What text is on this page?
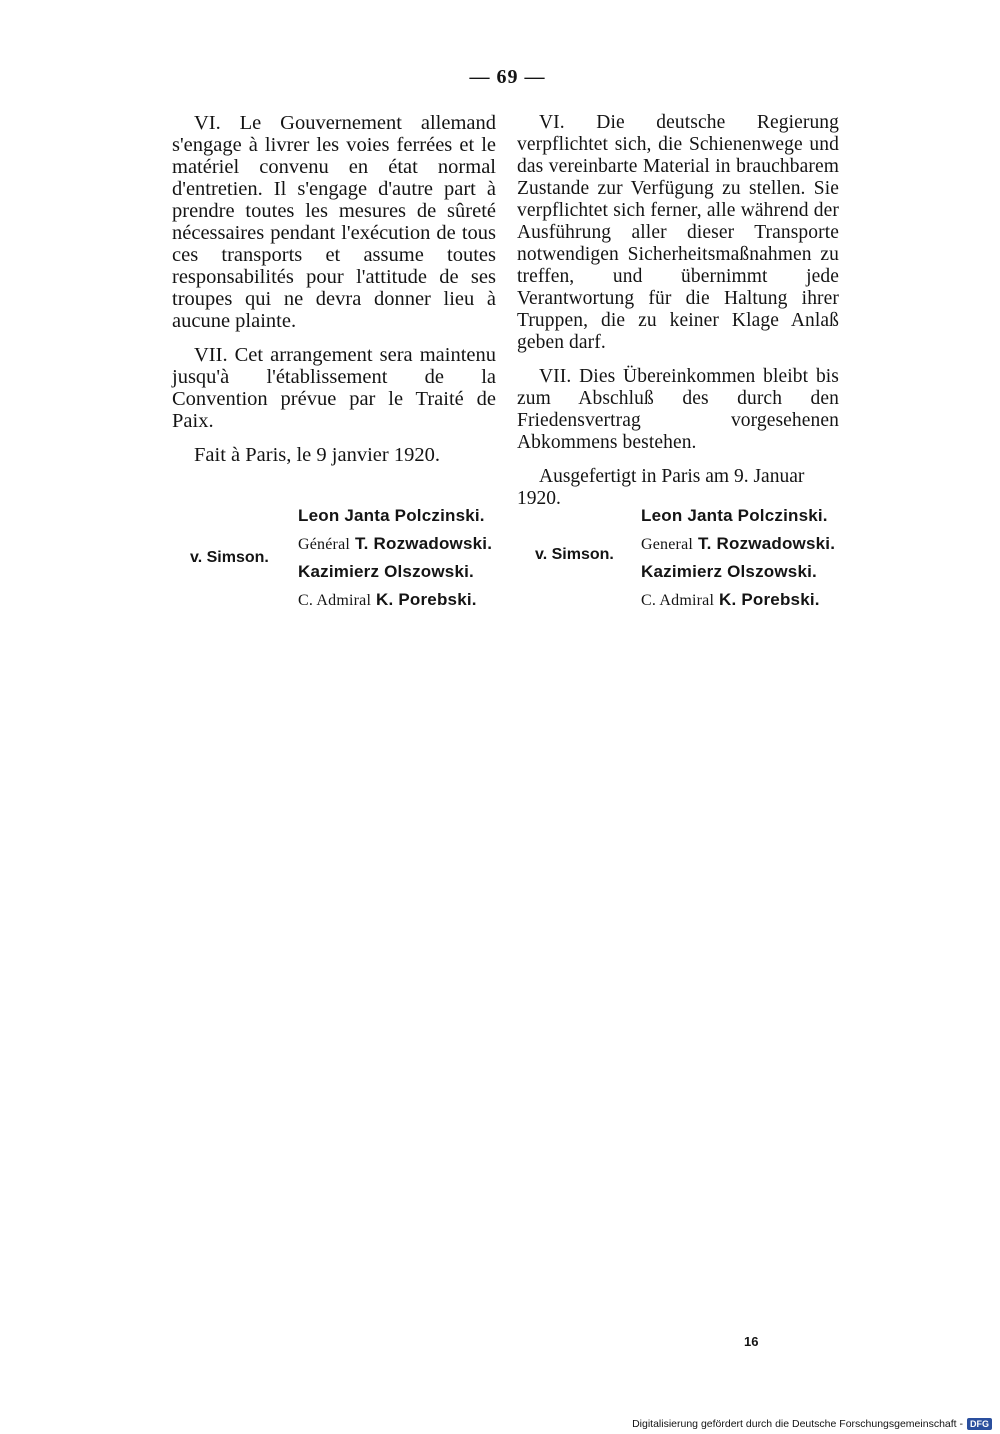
— 69 —

VI. Le Gouvernement allemand s'engage à livrer les voies ferrées et le matériel convenu en état normal d'entretien. Il s'engage d'autre part à prendre toutes les mesures de sûreté nécessaires pendant l'exécution de tous ces transports et assume toutes responsabilités pour l'attitude de ses troupes qui ne devra donner lieu à aucune plainte.

VII. Cet arrangement sera maintenu jusqu'à l'établissement de la Convention prévue par le Traité de Paix.

Fait à Paris, le 9 janvier 1920.

VI. Die deutsche Regierung verpflichtet sich, die Schienenwege und das vereinbarte Material in brauchbarem Zustande zur Verfügung zu stellen. Sie verpflichtet sich ferner, alle während der Ausführung aller dieser Transporte notwendigen Sicherheitsmaßnahmen zu treffen, und übernimmt jede Verantwortung für die Haltung ihrer Truppen, die zu keiner Klage Anlaß geben darf.

VII. Dies Übereinkommen bleibt bis zum Abschluß des durch den Friedensvertrag vorgesehenen Abkommens bestehen.

Ausgefertigt in Paris am 9. Januar 1920.

v. Simson.
Leon Janta Polczinski.
Général T. Rozwadowski.
Kazimierz Olszowski.
C. Admiral K. Porebski.
v. Simson.
Leon Janta Polczinski.
General T. Rozwadowski.
Kazimierz Olszowski.
C. Admiral K. Porebski.
16
Digitalisierung gefördert durch die Deutsche Forschungsgemeinschaft - DFG
